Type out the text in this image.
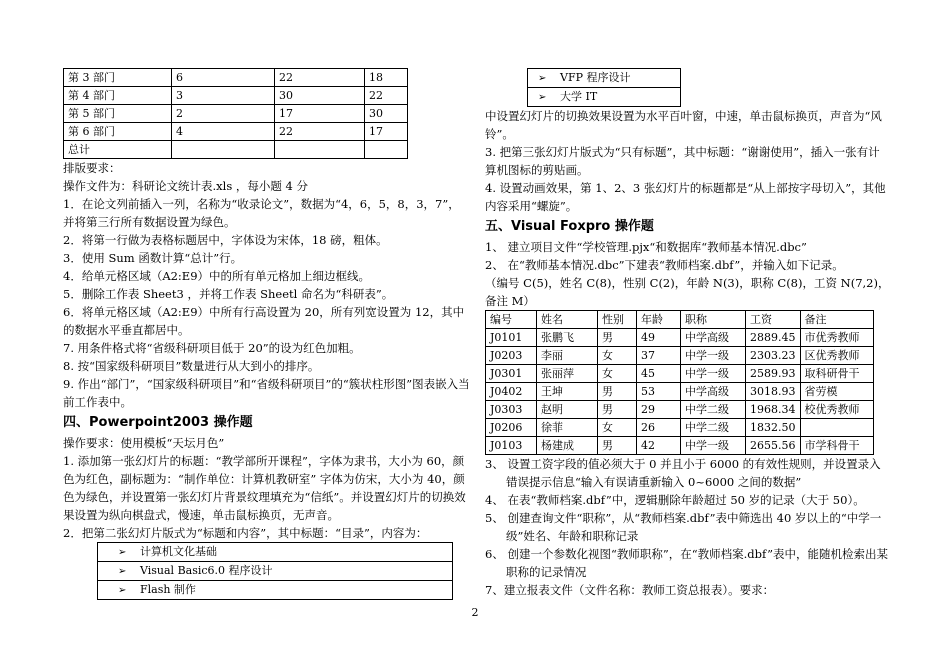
第 3 部门	6	22	18
第 4 部门	3	30	22
第 5 部门	2	17	30
第 6 部门	4	22	17
总计			

排版要求：

操作文件为：科研论文统计表.xls ，每小题 4 分

1．在论文列前插入一列，名称为“收录论文”，数据为“4，6，5，8，3，7”，并将第三行所有数据设置为绿色。

2．将第一行做为表格标题居中，字体设为宋体，18 磅，粗体。

3．使用 Sum 函数计算“总计”行。

4．给单元格区域（A2:E9）中的所有单元格加上细边框线。

5．删除工作表 Sheet3 ，并将工作表 Sheetl 命名为“科研表”。

6．将单元格区域（A2:E9）中所有行高设置为 20，所有列宽设置为 12，其中的数据水平垂直都居中。

7. 用条件格式将“省级科研项目低于 20”的设为红色加粗。

8. 按“国家级科研项目”数量进行从大到小的排序。

9. 作出“部门”，“国家级科研项目”和“省级科研项目”的“簇状柱形图”图表嵌入当前工作表中。

四、Powerpoint2003 操作题

操作要求：使用模板“天坛月色”

1. 添加第一张幻灯片的标题：“教学部所开课程”，字体为隶书，大小为 60，颜色为红色，副标题为：“制作单位：计算机教研室” 字体为仿宋，大小为 40，颜色为绿色，并设置第一张幻灯片背景纹理填充为“信纸”。并设置幻灯片的切换效果设置为纵向棋盘式，慢速，单击鼠标换页，无声音。

2．把第二张幻灯片版式为“标题和内容”，其中标题：“目录”，内容为：

➢ 计算机文化基础
➢ Visual Basic6.0 程序设计
➢ Flash 制作
➢ VFP 程序设计
➢ 大学 IT

中设置幻灯片的切换效果设置为水平百叶窗，中速，单击鼠标换页，声音为“风铃”。

3. 把第三张幻灯片版式为“只有标题”，其中标题：“谢谢使用”，插入一张有计算机图标的剪贴画。

4. 设置动画效果，第 1、2、3 张幻灯片的标题都是“从上部按字母切入”，其他内容采用“螺旋”。

五、Visual Foxpro 操作题

1、 建立项目文件“学校管理.pjx“和数据库“教师基本情况.dbc”

2、 在“教师基本情况.dbc”下建表“教师档案.dbf”，并输入如下记录。

（编号 C(5)，姓名 C(8)，性别 C(2)，年龄 N(3)，职称 C(8)，工资 N(7,2)，备注 M）

编号	姓名	性别	年龄	职称	工资	备注
J0101	张鹏飞	男	49	中学高级	2889.45	市优秀教师
J0203	李丽	女	37	中学一级	2303.23	区优秀教师
J0301	张丽萍	女	45	中学一级	2589.93	取科研骨干
J0402	王坤	男	53	中学高级	3018.93	省劳模
J0303	赵明	男	29	中学二级	1968.34	校优秀教师
J0206	徐菲	女	26	中学二级	1832.50	
J0103	杨建成	男	42	中学一级	2655.56	市学科骨干

3、 设置工资字段的值必须大于 0 并且小于 6000 的有效性规则，并设置录入错误提示信息“输入有误请重新输入 0~6000 之间的数据”

4、 在表“教师档案.dbf”中，逻辑删除年龄超过 50 岁的记录（大于 50）。

5、 创建查询文件“职称”，从“教师档案.dbf”表中筛选出 40 岁以上的“中学一级”姓名、年龄和职称记录

6、 创建一个参数化视图“教师职称”，在“教师档案.dbf”表中，能随机检索出某职称的记录情况

7、建立报表文件（文件名称：教师工资总报表）。要求：

2
